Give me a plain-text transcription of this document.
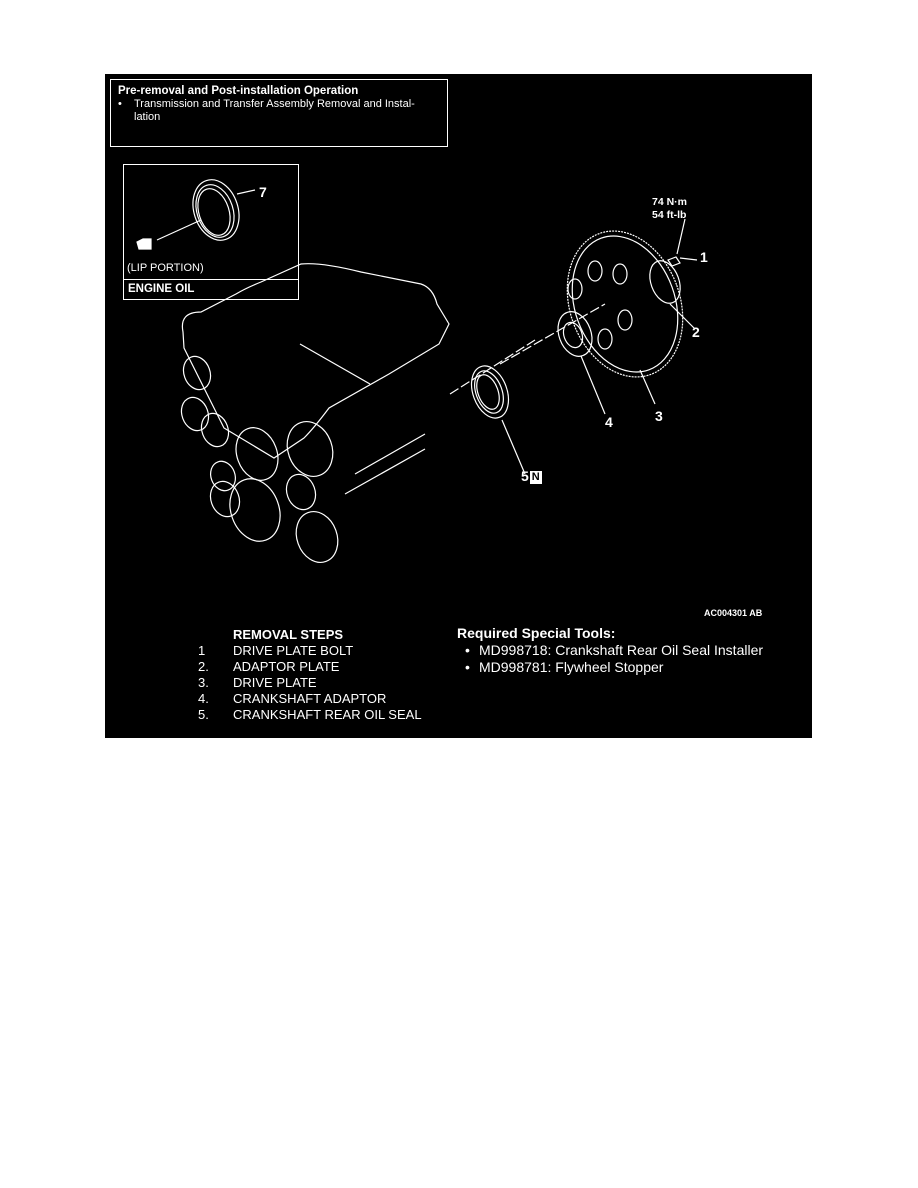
Pre-removal and Post-installation Operation
•	Transmission and Transfer Assembly Removal and Instal-
lation
(LIP PORTION)
ENGINE OIL
7
74 N·m
54 ft-lb
1
2
3
4
5 N
AC004301 AB
REMOVAL STEPS
1	DRIVE PLATE BOLT
2.	ADAPTOR PLATE
3.	DRIVE PLATE
4.	CRANKSHAFT ADAPTOR
5.	CRANKSHAFT REAR OIL SEAL
Required Special Tools:
• MD998718: Crankshaft Rear Oil Seal Installer
• MD998781: Flywheel Stopper
